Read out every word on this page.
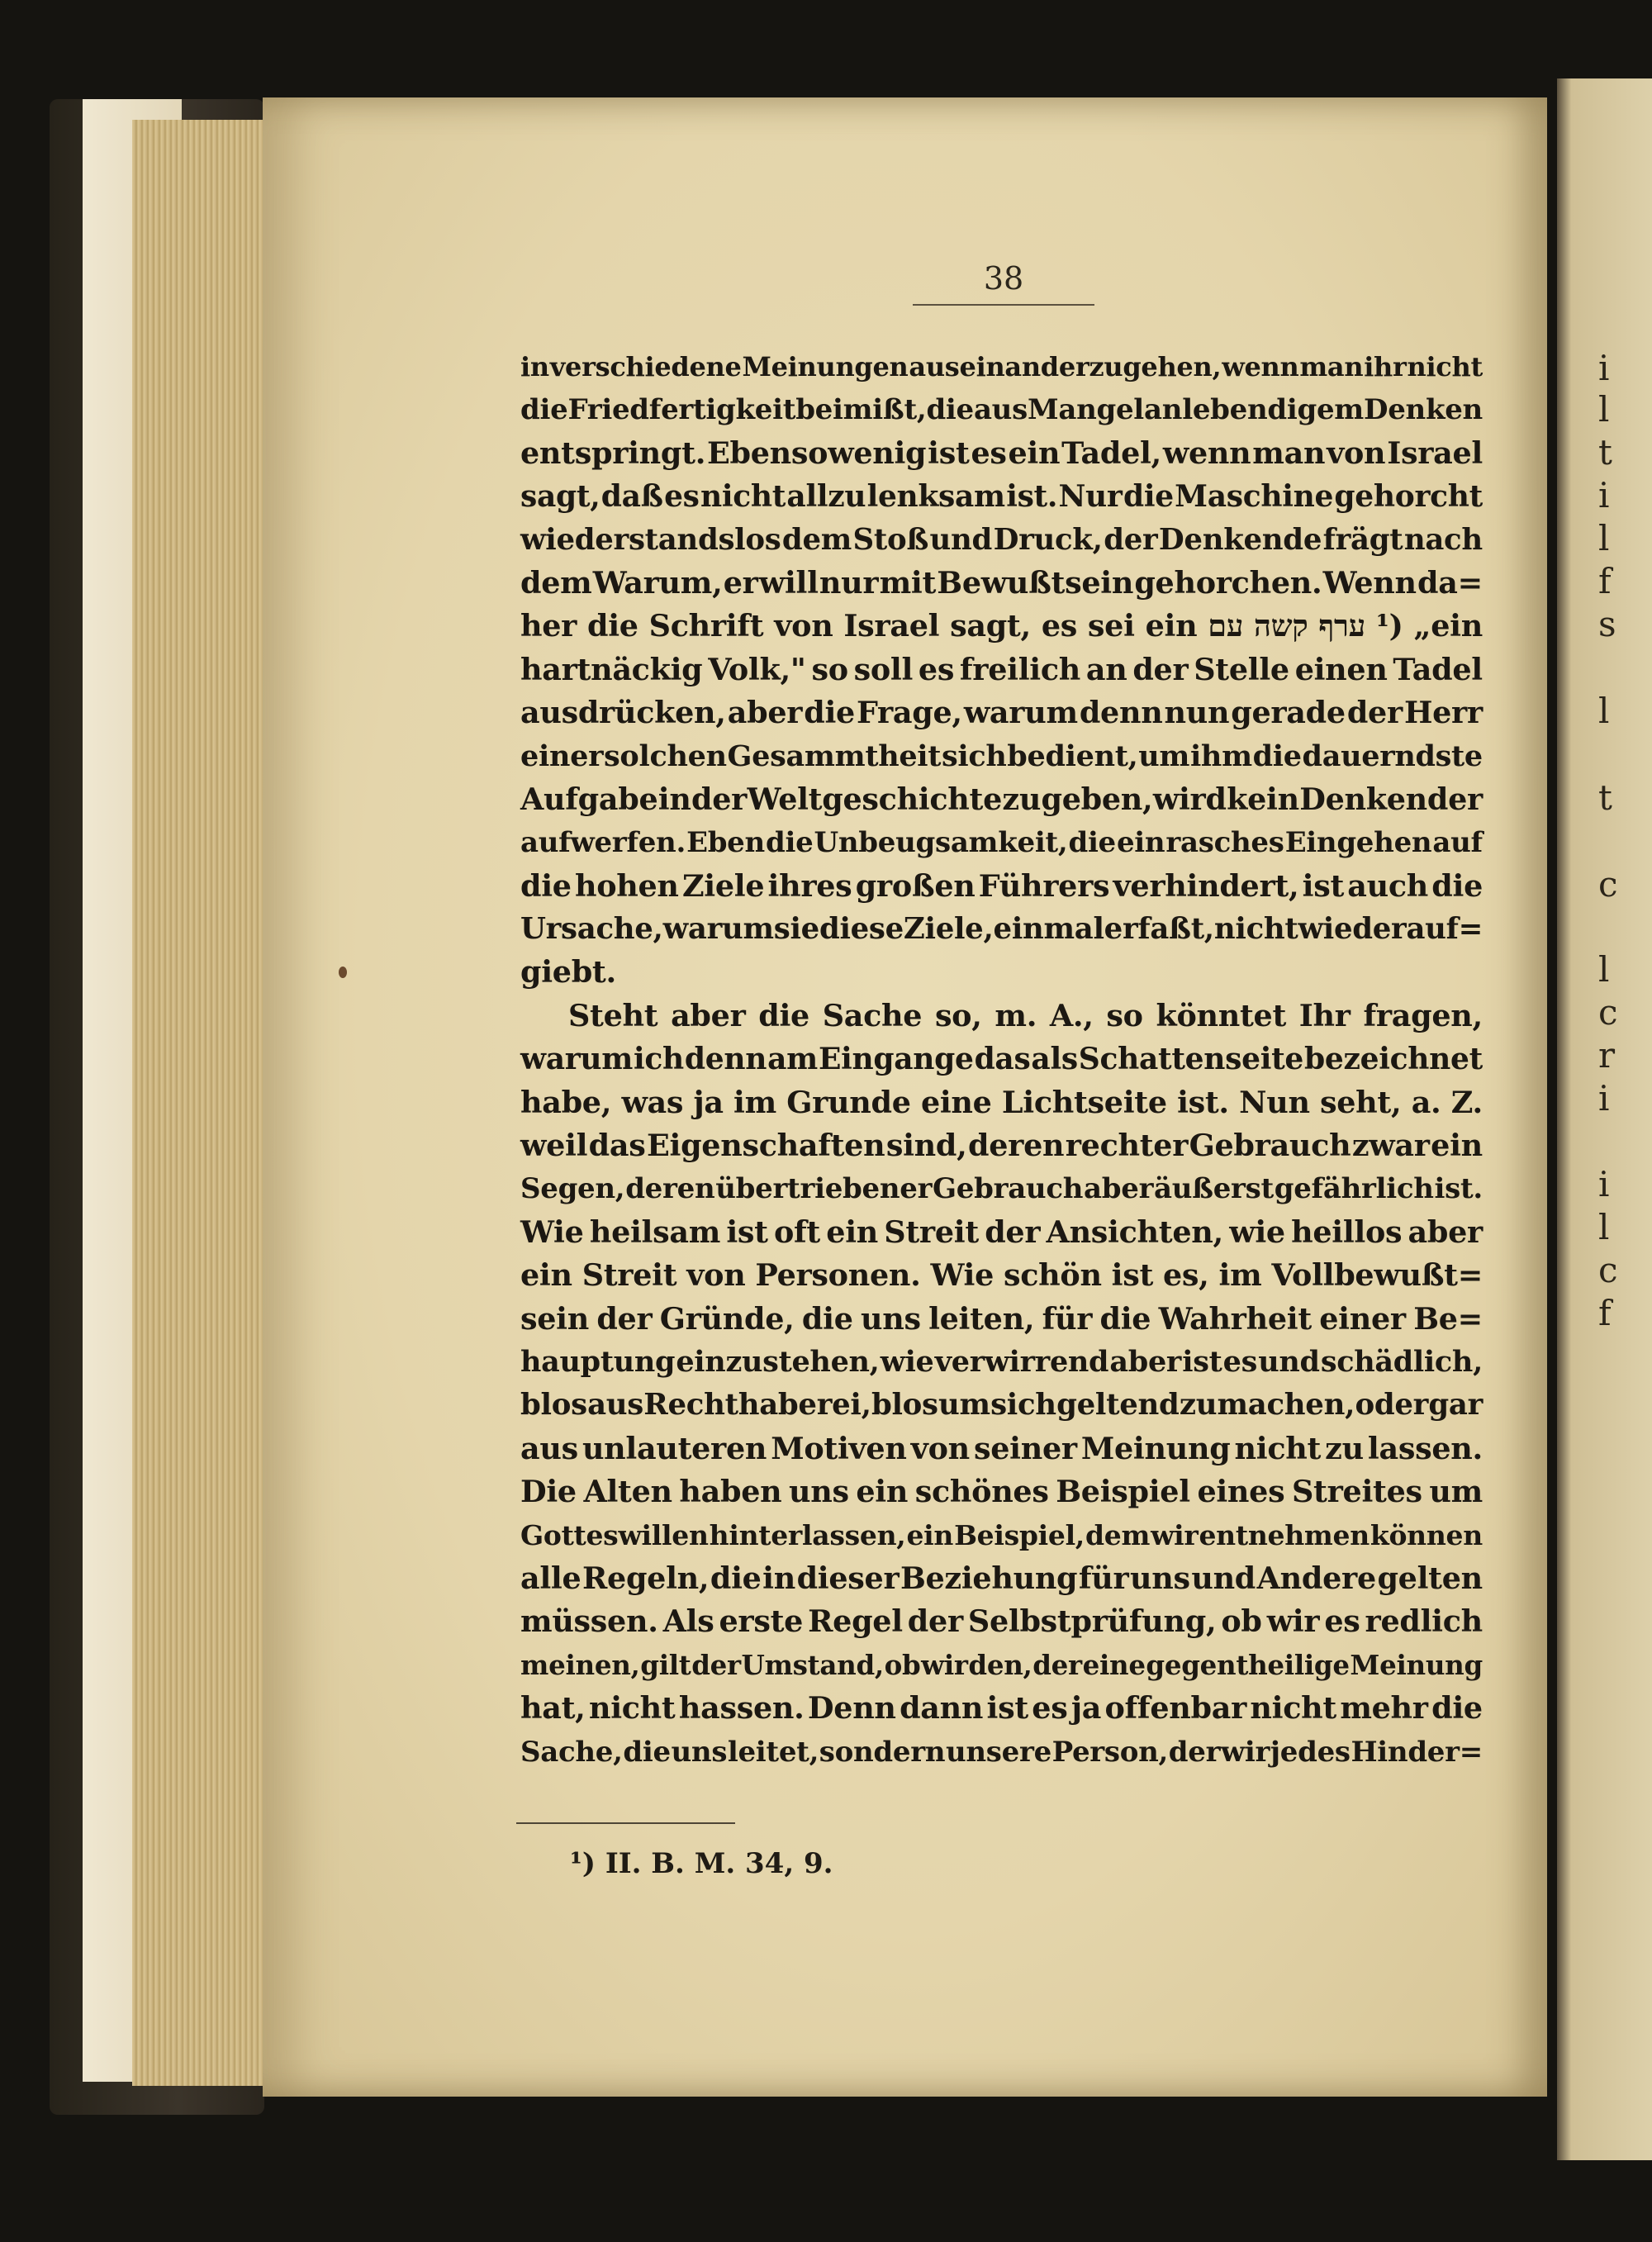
i
l
t
i
l
f
s
l
t
c
l
c
r
i
i
l
c
f
38
in verschiedene Meinungen auseinanderzugehen, wenn man ihr nicht
die Friedfertigkeit beimißt, die aus Mangel an lebendigem Denken
entspringt. Ebensowenig ist es ein Tadel, wenn man von Israel
sagt, daß es nicht allzu lenksam ist. Nur die Maschine gehorcht
wiederstandslos dem Stoß und Druck, der Denkende frägt nach
dem Warum, er will nur mit Bewußtsein gehorchen. Wenn da=
her die Schrift von Israel sagt, es sei ein עם קשה ערף ¹) „ein
hartnäckig Volk," so soll es freilich an der Stelle einen Tadel
ausdrücken, aber die Frage, warum denn nun gerade der Herr
einer solchen Gesammtheit sich bedient, um ihm die dauerndste
Aufgabe in der Weltgeschichte zu geben, wird kein Denkender
aufwerfen. Eben die Unbeugsamkeit, die ein rasches Eingehen auf
die hohen Ziele ihres großen Führers verhindert, ist auch die
Ursache, warum sie diese Ziele, einmal erfaßt, nicht wieder auf=
giebt.
Steht aber die Sache so, m. A., so könntet Ihr fragen,
warum ich denn am Eingange das als Schattenseite bezeichnet
habe, was ja im Grunde eine Lichtseite ist. Nun seht, a. Z.
weil das Eigenschaften sind, deren rechter Gebrauch zwar ein
Segen, deren übertriebener Gebrauch aber äußerst gefährlich ist.
Wie heilsam ist oft ein Streit der Ansichten, wie heillos aber
ein Streit von Personen. Wie schön ist es, im Vollbewußt=
sein der Gründe, die uns leiten, für die Wahrheit einer Be=
hauptung einzustehen, wie verwirrend aber ist es und schädlich,
blos aus Rechthaberei, blos um sich geltend zu machen, oder gar
aus unlauteren Motiven von seiner Meinung nicht zu lassen.
Die Alten haben uns ein schönes Beispiel eines Streites um
Gotteswillen hinterlassen, ein Beispiel, dem wir entnehmen können
alle Regeln, die in dieser Beziehung für uns und Andere gelten
müssen. Als erste Regel der Selbstprüfung, ob wir es redlich
meinen, gilt der Umstand, ob wir den, der eine gegentheilige Meinung
hat, nicht hassen. Denn dann ist es ja offenbar nicht mehr die
Sache, die uns leitet, sondern unsere Person, der wir jedes Hinder=
¹) II. B. M. 34, 9.
